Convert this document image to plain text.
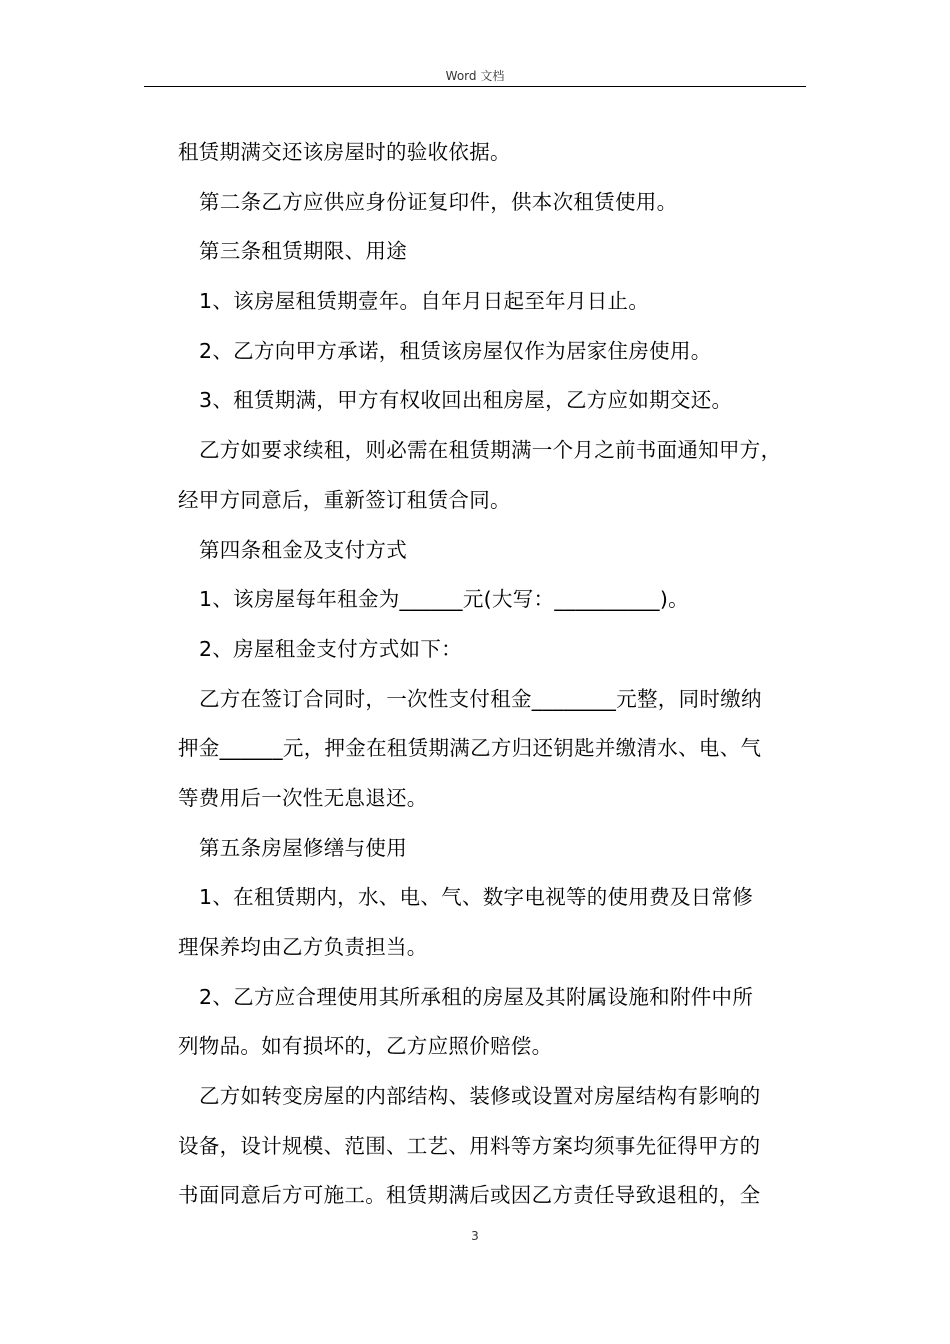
Word 文档
租赁期满交还该房屋时的验收依据。
第二条乙方应供应身份证复印件，供本次租赁使用。
第三条租赁期限、用途
1、该房屋租赁期壹年。自年月日起至年月日止。
2、乙方向甲方承诺，租赁该房屋仅作为居家住房使用。
3、租赁期满，甲方有权收回出租房屋，乙方应如期交还。
乙方如要求续租，则必需在租赁期满一个月之前书面通知甲方，
经甲方同意后，重新签订租赁合同。
第四条租金及支付方式
1、该房屋每年租金为______元(大写：__________)。
2、房屋租金支付方式如下：
乙方在签订合同时，一次性支付租金________元整，同时缴纳
押金______元，押金在租赁期满乙方归还钥匙并缴清水、电、气
等费用后一次性无息退还。
第五条房屋修缮与使用
1、在租赁期内，水、电、气、数字电视等的使用费及日常修
理保养均由乙方负责担当。
2、乙方应合理使用其所承租的房屋及其附属设施和附件中所
列物品。如有损坏的，乙方应照价赔偿。
乙方如转变房屋的内部结构、装修或设置对房屋结构有影响的
设备，设计规模、范围、工艺、用料等方案均须事先征得甲方的
书面同意后方可施工。租赁期满后或因乙方责任导致退租的，全
3
